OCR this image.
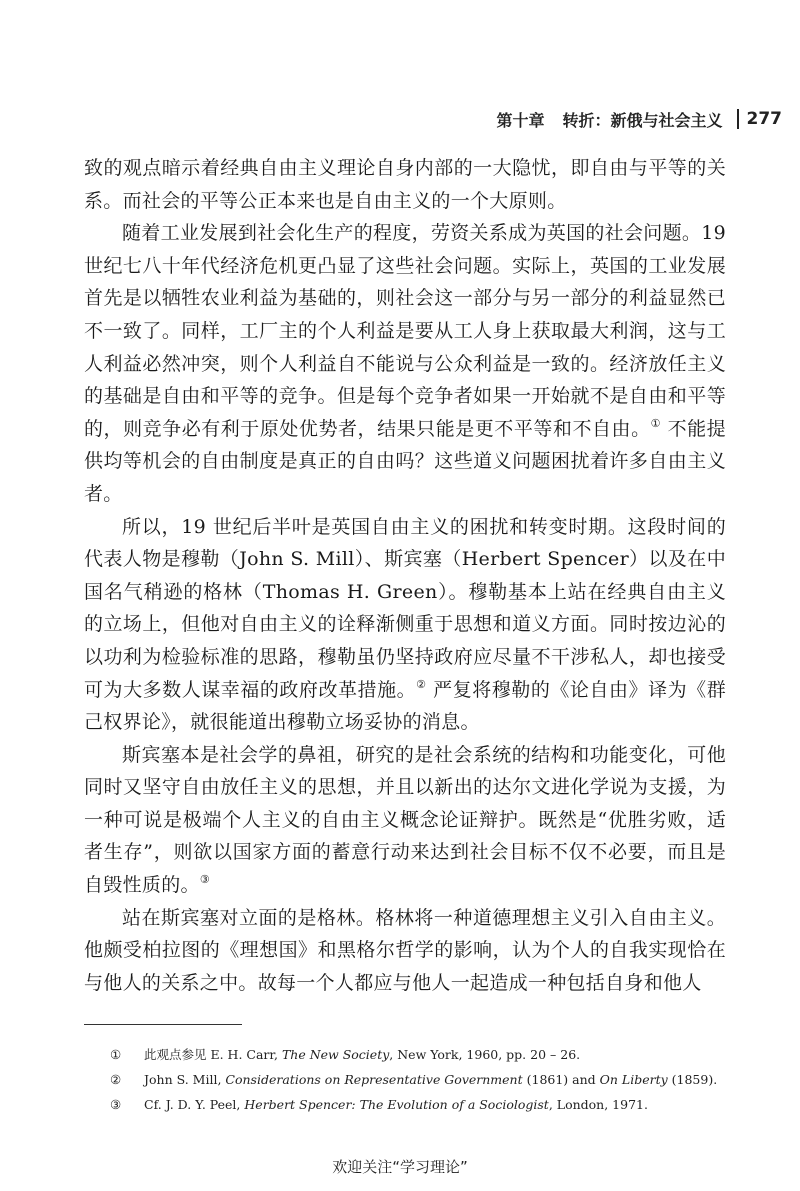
第十章 转折：新俄与社会主义 277

致的观点暗示着经典自由主义理论自身内部的一大隐忧，即自由与平等的关系。而社会的平等公正本来也是自由主义的一个大原则。

随着工业发展到社会化生产的程度，劳资关系成为英国的社会问题。19世纪七八十年代经济危机更凸显了这些社会问题。实际上，英国的工业发展首先是以牺牲农业利益为基础的，则社会这一部分与另一部分的利益显然已不一致了。同样，工厂主的个人利益是要从工人身上获取最大利润，这与工人利益必然冲突，则个人利益自不能说与公众利益是一致的。经济放任主义的基础是自由和平等的竞争。但是每个竞争者如果一开始就不是自由和平等的，则竞争必有利于原处优势者，结果只能是更不平等和不自由。① 不能提供均等机会的自由制度是真正的自由吗？这些道义问题困扰着许多自由主义者。

所以，19 世纪后半叶是英国自由主义的困扰和转变时期。这段时间的代表人物是穆勒（John S. Mill）、斯宾塞（Herbert Spencer）以及在中国名气稍逊的格林（Thomas H. Green）。穆勒基本上站在经典自由主义的立场上，但他对自由主义的诠释渐侧重于思想和道义方面。同时按边沁的以功利为检验标准的思路，穆勒虽仍坚持政府应尽量不干涉私人，却也接受可为大多数人谋幸福的政府改革措施。② 严复将穆勒的《论自由》译为《群己权界论》，就很能道出穆勒立场妥协的消息。

斯宾塞本是社会学的鼻祖，研究的是社会系统的结构和功能变化，可他同时又坚守自由放任主义的思想，并且以新出的达尔文进化学说为支援，为一种可说是极端个人主义的自由主义概念论证辩护。既然是“优胜劣败，适者生存”，则欲以国家方面的蓄意行动来达到社会目标不仅不必要，而且是自毁性质的。③

站在斯宾塞对立面的是格林。格林将一种道德理想主义引入自由主义。他颇受柏拉图的《理想国》和黑格尔哲学的影响，认为个人的自我实现恰在与他人的关系之中。故每一个人都应与他人一起造成一种包括自身和他人

①	此观点参见 E. H. Carr, The New Society, New York, 1960, pp. 20 – 26.
②	John S. Mill, Considerations on Representative Government (1861) and On Liberty (1859).
③	Cf. J. D. Y. Peel, Herbert Spencer: The Evolution of a Sociologist, London, 1971.
欢迎关注“学习理论”
